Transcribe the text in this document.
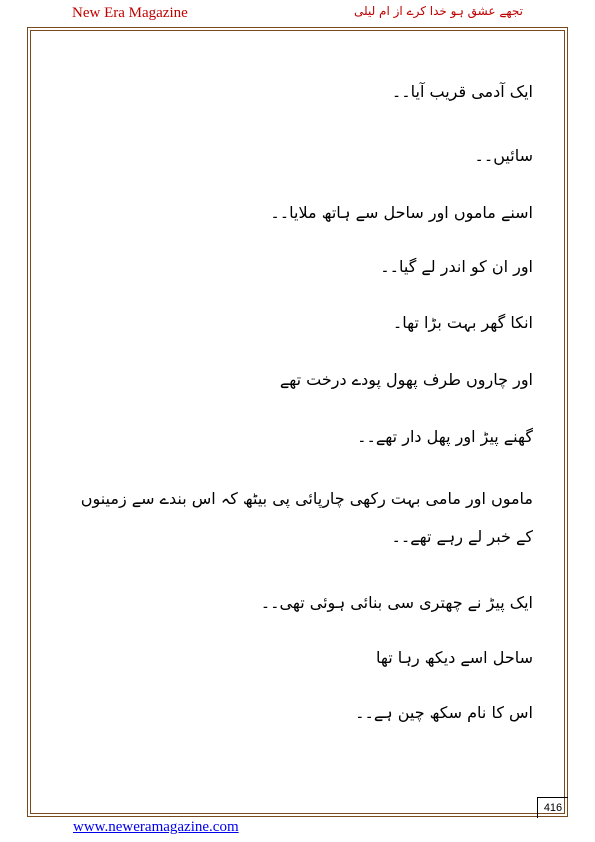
New Era Magazine	تجھے عشق ہو خدا کرے از ام لیلی

ایک آدمی قریب آیا۔۔

سائیں۔۔

اسنے ماموں اور ساحل سے ہاتھ ملایا۔۔

اور ان کو اندر لے گیا۔۔

انکا گھر بہت بڑا تھا۔

اور چاروں طرف پھول پودے درخت تھے

گھنے پیڑ اور پھل دار تھے۔۔

ماموں اور مامی بہت رکھی چارپائی پی بیٹھ کہ اس بندے سے زمینوں کے خبر لے رہے تھے۔۔

ایک پیڑ نے چھتری سی بنائی ہوئی تھی۔۔

ساحل اسے دیکھ رہا تھا

اس کا نام سکھ چین ہے۔۔

416
www.neweramagazine.com
